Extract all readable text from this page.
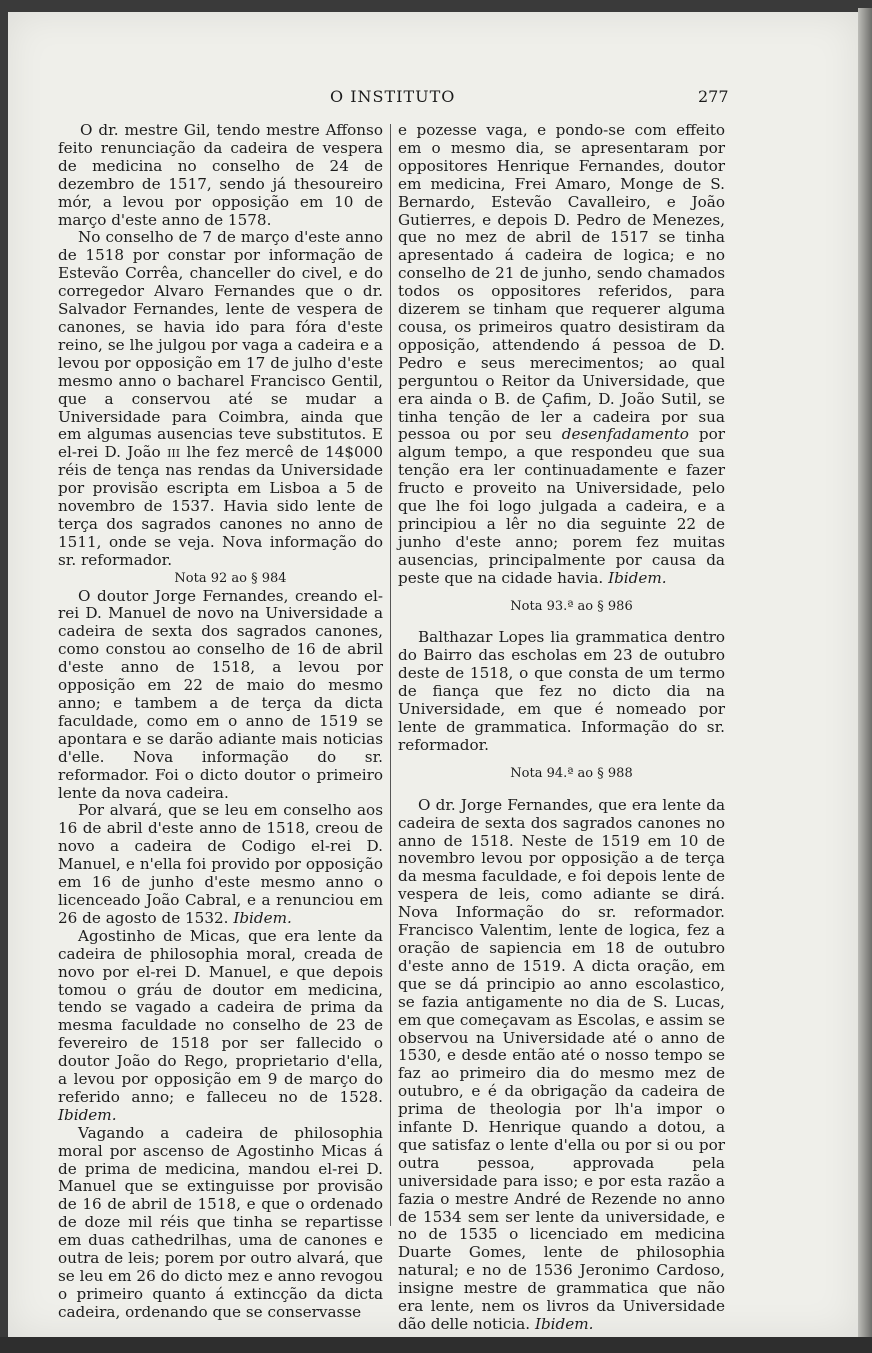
O INSTITUTO	277

O dr. mestre Gil, tendo mestre Affonso feito renunciação da cadeira de vespera de medicina no conselho de 24 de dezembro de 1517, sendo já thesoureiro mór, a levou por opposição em 10 de março d'este anno de 1578.

No conselho de 7 de março d'este anno de 1518 por constar por informação de Estevão Corrêa, chanceller do civel, e do corregedor Alvaro Fernandes que o dr. Salvador Fernandes, lente de vespera de canones, se havia ido para fóra d'este reino, se lhe julgou por vaga a cadeira e a levou por opposição em 17 de julho d'este mesmo anno o bacharel Francisco Gentil, que a conservou até se mudar a Universidade para Coimbra, ainda que em algumas ausencias teve substitutos. E el-rei D. João iii lhe fez mercê de 14$000 réis de tença nas rendas da Universidade por provisão escripta em Lisboa a 5 de novembro de 1537. Havia sido lente de terça dos sagrados canones no anno de 1511, onde se veja. Nova informação do sr. reformador.

Nota 92 ao § 984

O doutor Jorge Fernandes, creando el-rei D. Manuel de novo na Universidade a cadeira de sexta dos sagrados canones, como constou ao conselho de 16 de abril d'este anno de 1518, a levou por opposição em 22 de maio do mesmo anno; e tambem a de terça da dicta faculdade, como em o anno de 1519 se apontara e se darão adiante mais noticias d'elle. Nova informação do sr. reformador. Foi o dicto doutor o primeiro lente da nova cadeira.

Por alvará, que se leu em conselho aos 16 de abril d'este anno de 1518, creou de novo a cadeira de Codigo el-rei D. Manuel, e n'ella foi provido por opposição em 16 de junho d'este mesmo anno o licenceado João Cabral, e a renunciou em 26 de agosto de 1532. Ibidem.

Agostinho de Micas, que era lente da cadeira de philosophia moral, creada de novo por el-rei D. Manuel, e que depois tomou o gráu de doutor em medicina, tendo se vagado a cadeira de prima da mesma faculdade no conselho de 23 de fevereiro de 1518 por ser fallecido o doutor João do Rego, proprietario d'ella, a levou por opposição em 9 de março do referido anno; e falleceu no de 1528. Ibidem.

Vagando a cadeira de philosophia moral por ascenso de Agostinho Micas á de prima de medicina, mandou el-rei D. Manuel que se extinguisse por provisão de 16 de abril de 1518, e que o ordenado de doze mil réis que tinha se repartisse em duas cathedrilhas, uma de canones e outra de leis; porem por outro alvará, que se leu em 26 do dicto mez e anno revogou o primeiro quanto á extincção da dicta cadeira, ordenando que se conservasse

e pozesse vaga, e pondo-se com effeito em o mesmo dia, se apresentaram por oppositores Henrique Fernandes, doutor em medicina, Frei Amaro, Monge de S. Bernardo, Estevão Cavalleiro, e João Gutierres, e depois D. Pedro de Menezes, que no mez de abril de 1517 se tinha apresentado á cadeira de logica; e no conselho de 21 de junho, sendo chamados todos os oppositores referidos, para dizerem se tinham que requerer alguma cousa, os primeiros quatro desistiram da opposição, attendendo á pessoa de D. Pedro e seus merecimentos; ao qual perguntou o Reitor da Universidade, que era ainda o B. de Çafim, D. João Sutil, se tinha tenção de ler a cadeira por sua pessoa ou por seu desenfadamento por algum tempo, a que respondeu que sua tenção era ler continuadamente e fazer fructo e proveito na Universidade, pelo que lhe foi logo julgada a cadeira, e a principiou a lêr no dia seguinte 22 de junho d'este anno; porem fez muitas ausencias, principalmente por causa da peste que na cidade havia. Ibidem.

Nota 93.ª ao § 986

Balthazar Lopes lia grammatica dentro do Bairro das escholas em 23 de outubro deste de 1518, o que consta de um termo de fiança que fez no dicto dia na Universidade, em que é nomeado por lente de grammatica. Informação do sr. reformador.

Nota 94.ª ao § 988

O dr. Jorge Fernandes, que era lente da cadeira de sexta dos sagrados canones no anno de 1518. Neste de 1519 em 10 de novembro levou por opposição a de terça da mesma faculdade, e foi depois lente de vespera de leis, como adiante se dirá. Nova Informação do sr. reformador. Francisco Valentim, lente de logica, fez a oração de sapiencia em 18 de outubro d'este anno de 1519. A dicta oração, em que se dá principio ao anno escolastico, se fazia antigamente no dia de S. Lucas, em que começavam as Escolas, e assim se observou na Universidade até o anno de 1530, e desde então até o nosso tempo se faz ao primeiro dia do mesmo mez de outubro, e é da obrigação da cadeira de prima de theologia por lh'a impor o infante D. Henrique quando a dotou, a que satisfaz o lente d'ella ou por si ou por outra pessoa, approvada pela universidade para isso; e por esta razão a fazia o mestre André de Rezende no anno de 1534 sem ser lente da universidade, e no de 1535 o licenciado em medicina Duarte Gomes, lente de philosophia natural; e no de 1536 Jeronimo Cardoso, insigne mestre de grammatica que não era lente, nem os livros da Universidade dão delle noticia. Ibidem.
